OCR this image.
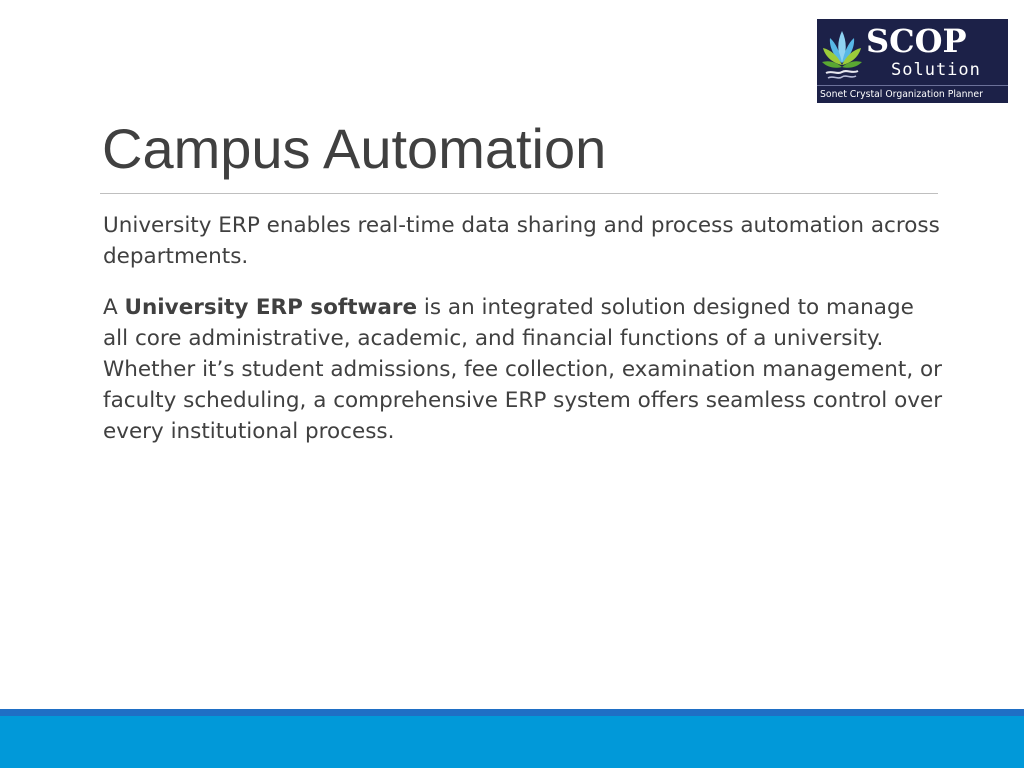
SCOP
Solution
Sonet Crystal Organization Planner
Campus Automation

University ERP enables real-time data sharing and process automation across departments.

A University ERP software is an integrated solution designed to manage all core administrative, academic, and financial functions of a university. Whether it’s student admissions, fee collection, examination management, or faculty scheduling, a comprehensive ERP system offers seamless control over every institutional process.
